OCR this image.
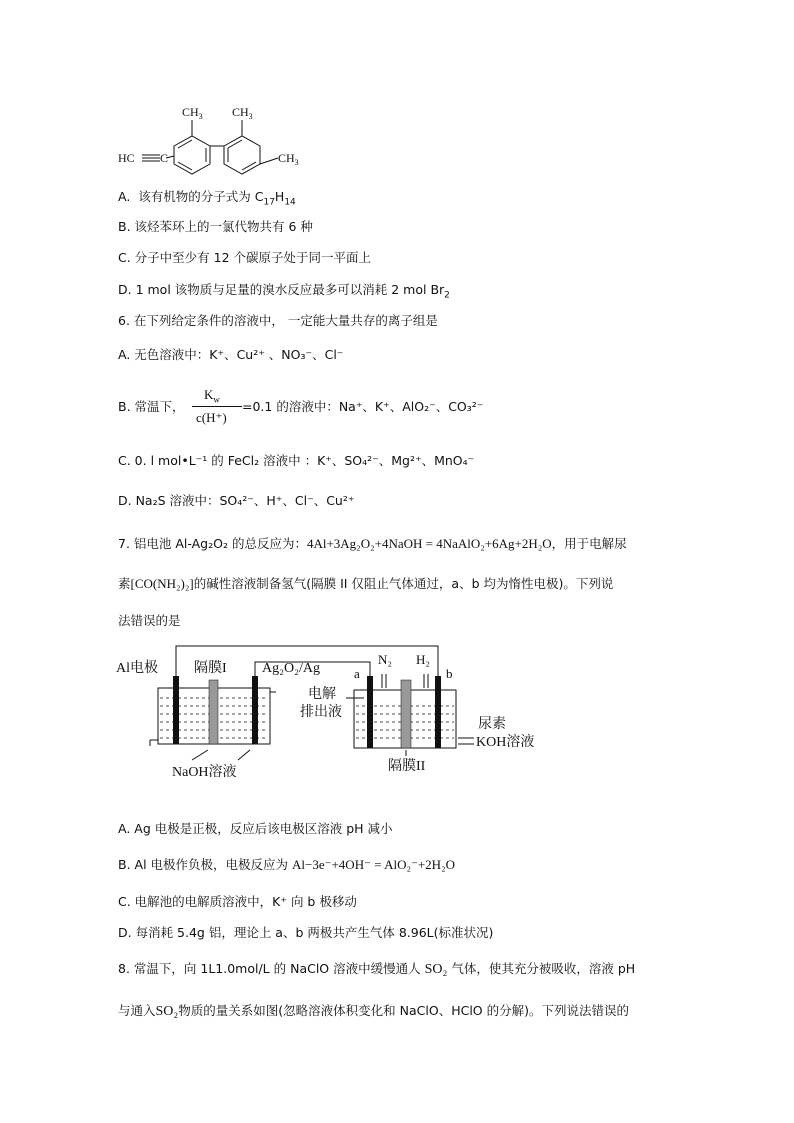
$CH_3$ $CH_3$
$CH_3$
HC C
A. 该有机物的分子式为 $C_{17}H_{14}$
B. 该烃苯环上的一氯代物共有 6 种
C. 分子中至少有 12 个碳原子处于同一平面上
D. 1 mol 该物质与足量的溴水反应最多可以消耗 2 mol $Br_2$
6. 在下列给定条件的溶液中， 一定能大量共存的离子组是
A. 无色溶液中：K⁺、Cu²⁺ 、NO₃⁻、Cl⁻
B. 常温下，
$K_w$
c(H⁺)
=0.1 的溶液中：Na⁺、K⁺、AlO₂⁻、CO₃²⁻
C. 0. l mol•L⁻¹ 的 FeCl₂ 溶液中 ：K⁺、SO₄²⁻、Mg²⁺、MnO₄⁻
D. Na₂S 溶液中：SO₄²⁻、H⁺、Cl⁻、Cu²⁺
7. 铝电池 Al-Ag₂O₂ 的总反应为：4Al+3Ag₂O₂+4NaOH = 4NaAlO₂+6Ag+2H₂O，用于电解尿
素[CO(NH₂)₂]的碱性溶液制备氢气(隔膜 II 仅阻止气体通过，a、b 均为惰性电极)。下列说
法错误的是
Al电极	隔膜I	Ag₂O₂/Ag
NaOH溶液
N₂ H₂
a	b
电解
排出液
尿素
KOH溶液
隔膜II
A. Ag 电极是正极，反应后该电极区溶液 pH 减小
B. Al 电极作负极，电极反应为 Al−3e⁻+4OH⁻ = AlO₂⁻+2H₂O
C. 电解池的电解质溶液中，K⁺ 向 b 极移动
D. 每消耗 5.4g 铝，理论上 a、b 两极共产生气体 8.96L(标准状况)
8. 常温下，向 1L1.0mol/L 的 NaClO 溶液中缓慢通人 SO₂ 气体，使其充分被吸收，溶液 pH
与通入SO₂物质的量关系如图(忽略溶液体积变化和 NaClO、HClO 的分解)。下列说法错误的
